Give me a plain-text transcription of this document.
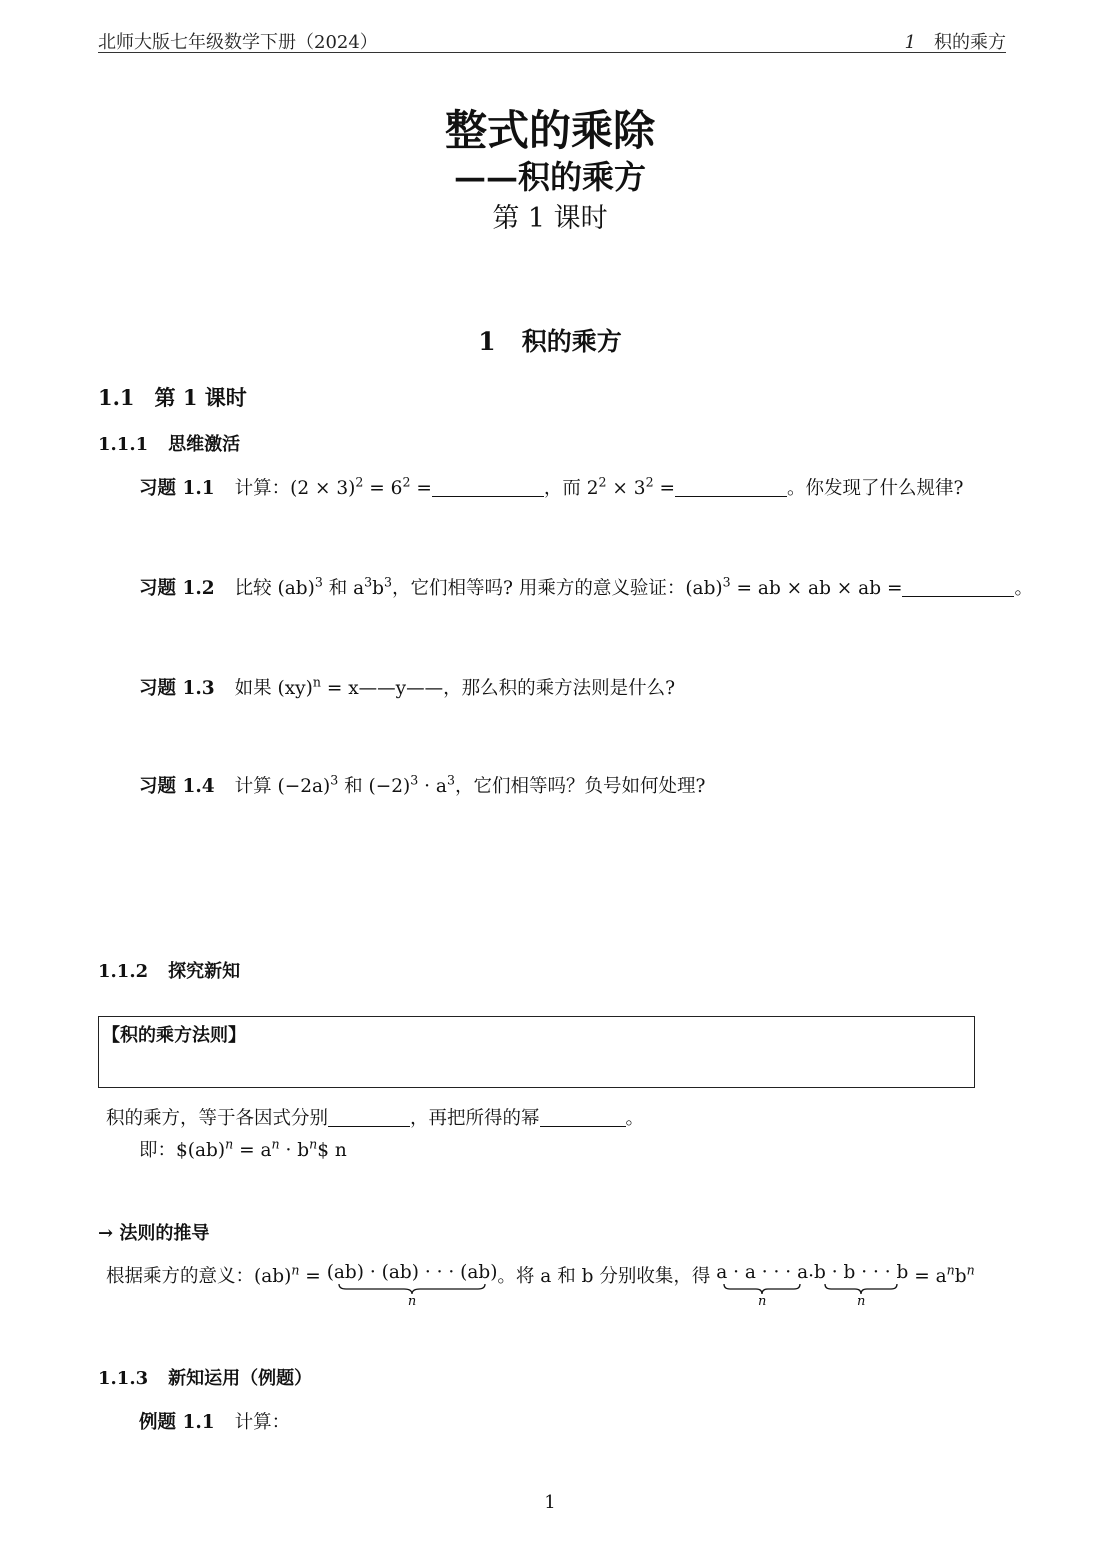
北师大版七年级数学下册（2024）	1 积的乘方
整式的乘除
——积的乘方
第 1 课时
1 积的乘方
1.1 第 1 课时
1.1.1 思维激活
习题 1.1 计算：$(2 \times 3)^2 = 6^2$ =	，而 $2^2 \times 3^2$ =	。你发现了什么规律?
习题 1.2 比较 (ab)$^3$ 和 $a^3b^3$，它们相等吗? 用乘方的意义验证：(ab)$^3$ = ab × ab × ab =	。
习题 1.3 如果 (xy)$^n$ = x——y——，那么积的乘方法则是什么?
习题 1.4 计算 $(-2a)^3$ 和 $(-2)^3 \cdot a^3$，它们相等吗？负号如何处理?
1.1.2 探究新知
【积的乘方法则】
积的乘方，等于各因式分别	，再把所得的幂	。
即：$(ab)$^n$ = $a^n$ · $b^n\$$ n
→ 法则的推导
根据乘方的意义：(ab)$^n$ = (ab) · (ab) · · · (ab)
n
。将 a 和 b 分别收集，得 a · a · · · a
n
· b · b · · · b
n
= $a^nb^n$
1.1.3 新知运用（例题）
例题 1.1 计算：
1
